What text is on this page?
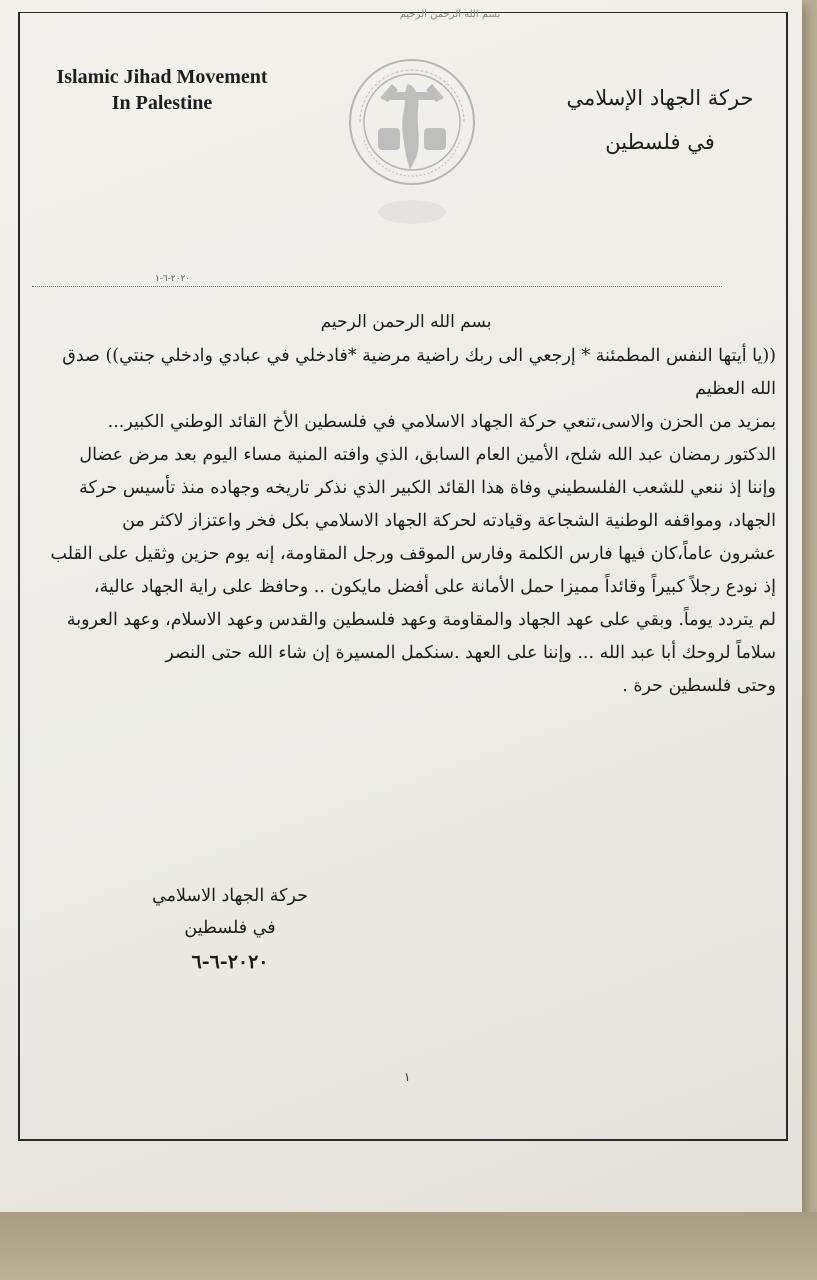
بسم الله الرحمن الرحيم
Islamic Jihad Movement
In Palestine	حركة الجهاد الإسلامي
في فلسطين
٢٠٢٠-٦-١
بسم الله الرحمن الرحيم

((يا أيتها النفس المطمئنة * إرجعي الى ربك راضية مرضية *فادخلي في عبادي وادخلي جنتي)) صدق

الله العظيم

بمزيد من الحزن والاسى،تنعي حركة الجهاد الاسلامي في فلسطين الأخ القائد الوطني الكبير...

الدكتور رمضان عبد الله شلح، الأمين العام السابق، الذي وافته المنية مساء اليوم بعد مرض عضال

وإننا إذ ننعي للشعب الفلسطيني وفاة هذا القائد الكبير الذي نذكر تاريخه وجهاده منذ تأسيس حركة

الجهاد، ومواقفه الوطنية الشجاعة وقيادته لحركة الجهاد الاسلامي بكل فخر واعتزاز لاكثر من

عشرون عاماً،كان فيها فارس الكلمة وفارس الموقف ورجل المقاومة، إنه يوم حزين وثقيل على القلب

إذ نودع رجلاً كبيراً وقائداً مميزا حمل الأمانة على أفضل مايكون .. وحافظ على راية الجهاد عالية،

لم يتردد يوماً. وبقي على عهد الجهاد والمقاومة وعهد فلسطين والقدس وعهد الاسلام، وعهد العروبة

سلاماً لروحك أبا عبد الله ... وإننا على العهد .سنكمل المسيرة إن شاء الله حتى النصر

وحتى فلسطين حرة .

حركة الجهاد الاسلامي
في فلسطين
٢٠٢٠-٦-٦
١
